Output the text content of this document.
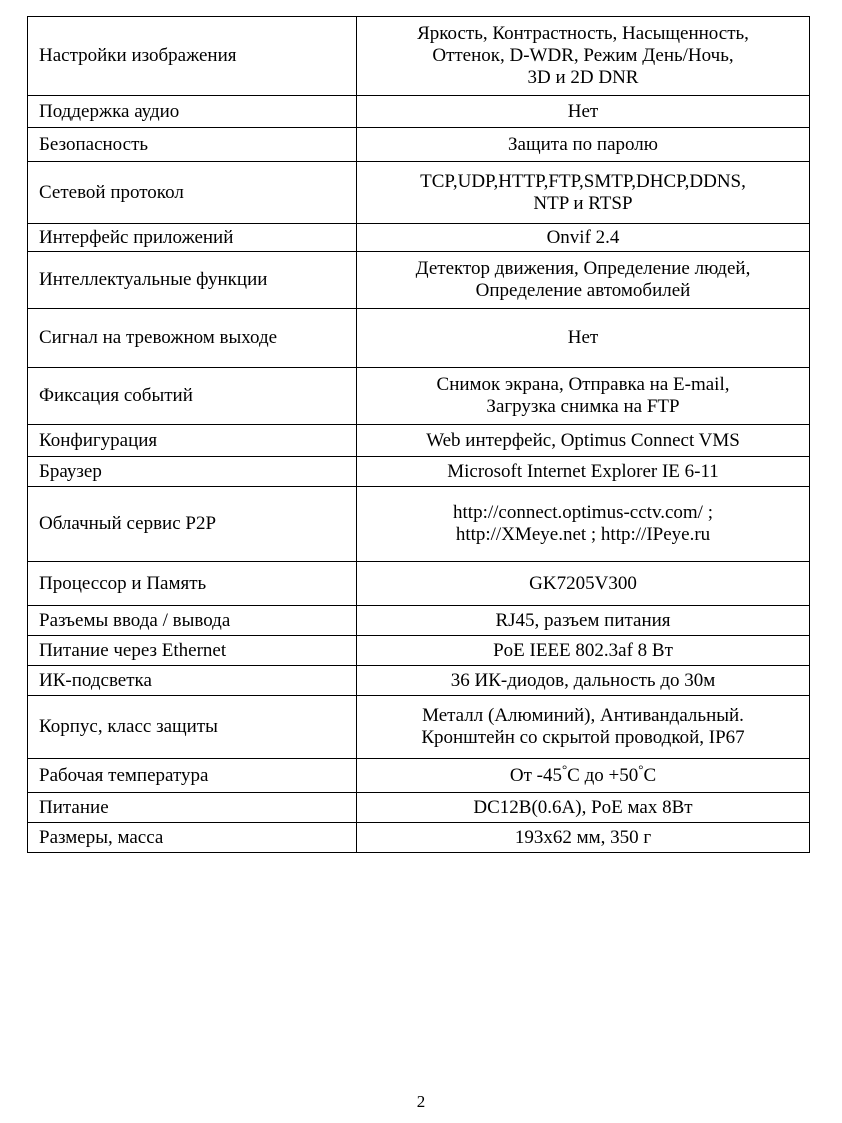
Настройки изображения	Яркость, Контрастность, Насыщенность,
Оттенок, D-WDR, Режим День/Ночь,
3D и 2D DNR
Поддержка аудио	Нет
Безопасность	Защита по паролю
Сетевой протокол	TCP,UDP,HTTP,FTP,SMTP,DHCP,DDNS,
NTP и RTSP
Интерфейс приложений	Onvif 2.4
Интеллектуальные функции	Детектор движения, Определение людей,
Определение автомобилей
Сигнал на тревожном выходе	Нет
Фиксация событий	Снимок экрана, Отправка на E-mail,
Загрузка снимка на FTP
Конфигурация	Web интерфейс, Optimus Connect VMS
Браузер	Microsoft Internet Explorer IE 6-11
Облачный сервис P2P	http://connect.optimus-cctv.com/ ;
http://XMeye.net ; http://IPeye.ru
Процессор и Память	GK7205V300
Разъемы ввода / вывода	RJ45, разъем питания
Питание через Ethernet	PoE IEEE 802.3af 8 Вт
ИК-подсветка	36 ИК-диодов, дальность до 30м
Корпус, класс защиты	Металл (Алюминий), Антивандальный.
Кронштейн со скрытой проводкой, IP67
Рабочая температура	От -45°C до +50°C
Питание	DC12В(0.6А), PoE мах 8Вт
Размеры, масса	193x62 мм, 350 г
2
